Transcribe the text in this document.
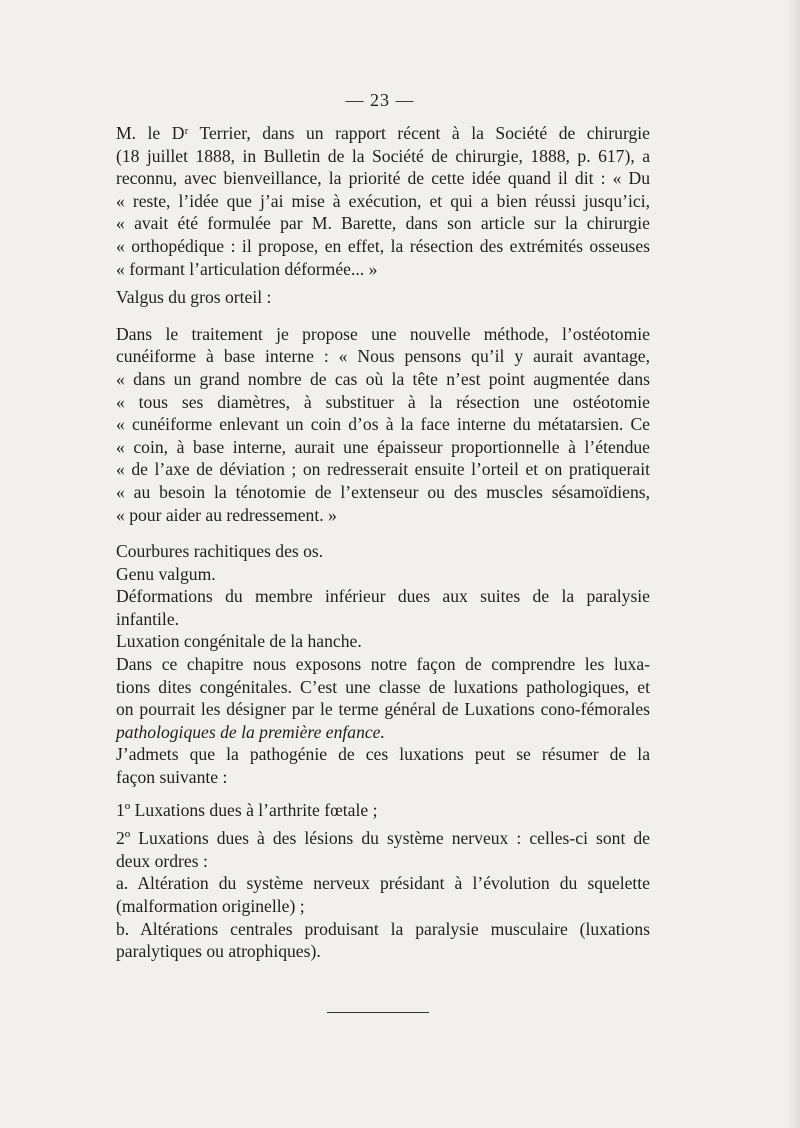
— 23 —
M. le Dʳ Terrier, dans un rapport récent à la Société de chirurgie
(18 juillet 1888, in Bulletin de la Société de chirurgie, 1888, p. 617), a
reconnu, avec bienveillance, la priorité de cette idée quand il dit : « Du
« reste, l’idée que j’ai mise à exécution, et qui a bien réussi jusqu’ici,
« avait été formulée par M. Barette, dans son article sur la chirurgie
« orthopédique : il propose, en effet, la résection des extrémités osseuses
« formant l’articulation déformée... »
Valgus du gros orteil :
Dans le traitement je propose une nouvelle méthode, l’ostéotomie
cunéiforme à base interne : « Nous pensons qu’il y aurait avantage,
« dans un grand nombre de cas où la tête n’est point augmentée dans
« tous ses diamètres, à substituer à la résection une ostéotomie
« cunéiforme enlevant un coin d’os à la face interne du métatarsien. Ce
« coin, à base interne, aurait une épaisseur proportionnelle à l’étendue
« de l’axe de déviation ; on redresserait ensuite l’orteil et on pratiquerait
« au besoin la ténotomie de l’extenseur ou des muscles sésamoïdiens,
« pour aider au redressement. »
Courbures rachitiques des os.
Genu valgum.
Déformations du membre inférieur dues aux suites de la paralysie
infantile.
Luxation congénitale de la hanche.
Dans ce chapitre nous exposons notre façon de comprendre les luxa-
tions dites congénitales. C’est une classe de luxations pathologiques, et
on pourrait les désigner par le terme général de Luxations cono-fémorales
pathologiques de la première enfance.
J’admets que la pathogénie de ces luxations peut se résumer de la
façon suivante :
1º Luxations dues à l’arthrite fœtale ;
2º Luxations dues à des lésions du système nerveux : celles-ci sont de
deux ordres :
a. Altération du système nerveux présidant à l’évolution du squelette
(malformation originelle) ;
b. Altérations centrales produisant la paralysie musculaire (luxations
paralytiques ou atrophiques).
